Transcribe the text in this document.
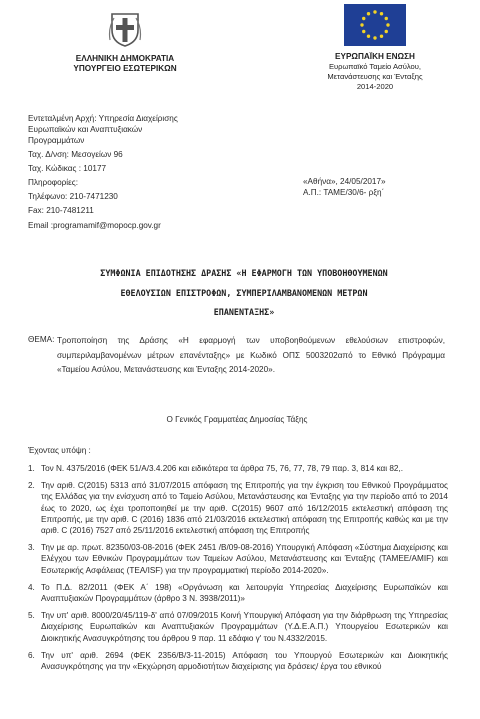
ΕΛΛΗΝΙΚΗ ΔΗΜΟΚΡΑΤΙΑ
ΥΠΟΥΡΓΕΙΟ ΕΣΩΤΕΡΙΚΩΝ
ΕΥΡΩΠΑΪΚΗ ΕΝΩΣΗ
Ευρωπαϊκό Ταμείο Ασύλου,
Μετανάστευσης και Ένταξης
2014-2020
Εντεταλμένη Αρχή: Υπηρεσία Διαχείρισης
Ευρωπαϊκών και Αναπτυξιακών
Προγραμμάτων
Ταχ. Δ/νση: Μεσογείων 96
Ταχ. Κώδικας : 10177
Πληροφορίες:
Τηλέφωνο: 210-7471230
Fax: 210-7481211
Email :programamif@mopocp.gov.gr
«Αθήνα», 24/05/2017»
Α.Π.: ΤΑΜΕ/30/6- ρξη΄
ΣΥΜΦΩΝΙΑ ΕΠΙΔΟΤΗΣΗΣ ΔΡΑΣΗΣ «Η ΕΦΑΡΜΟΓΗ ΤΩΝ ΥΠΟΒΟΗΘΟΥΜΕΝΩΝ
ΕΘΕΛΟΥΣΙΩΝ ΕΠΙΣΤΡΟΦΩΝ, ΣΥΜΠΕΡΙΛΑΜΒΑΝΟΜΕΝΩΝ ΜΕΤΡΩΝ
ΕΠΑΝΕΝΤΑΞΗΣ»
ΘΕΜΑ: Τροποποίηση της Δράσης «Η εφαρμογή των υποβοηθούμενων εθελούσιων επιστροφών, συμπεριλαμβανομένων μέτρων επανένταξης» με Κωδικό ΟΠΣ 5003202από το Εθνικό Πρόγραμμα «Ταμείου Ασύλου, Μετανάστευσης και Ένταξης 2014-2020».
Ο Γενικός Γραμματέας Δημοσίας Τάξης
Έχοντας υπόψη :
1. Τον Ν. 4375/2016 (ΦΕΚ 51/Α/3.4.206 και ειδικότερα τα άρθρα 75, 76, 77, 78, 79 παρ. 3, 814 και 82,.
2. Την αριθ. C(2015) 5313 από 31/07/2015 απόφαση της Επιτροπής για την έγκριση του Εθνικού Προγράμματος της Ελλάδας για την ενίσχυση από το Ταμείο Ασύλου, Μετανάστευσης και Ένταξης για την περίοδο από το 2014 έως το 2020, ως έχει τροποποιηθεί με την αριθ. C(2015) 9607 από 16/12/2015 εκτελεστική απόφαση της Επιτροπής, με την αριθ. C (2016) 1836 από 21/03/2016 εκτελεστική απόφαση της Επιτροπής καθώς και με την αριθ. C (2016) 7527 από 25/11/2016 εκτελεστική απόφαση της Επιτροπής
3. Την με αρ. πρωτ. 82350/03-08-2016 (ΦΕΚ 2451 /Β/09-08-2016) Υπουργική Απόφαση «Σύστημα Διαχείρισης και Ελέγχου των Εθνικών Προγραμμάτων των Ταμείων Ασύλου, Μετανάστευσης και Ένταξης (ΤΑΜΕΕ/AMIF) και Εσωτερικής Ασφάλειας (ΤΕΑ/ISF) για την προγραμματική περίοδο 2014-2020».
4. Το Π.Δ. 82/2011 (ΦΕΚ Α΄ 198) «Οργάνωση και λειτουργία Υπηρεσίας Διαχείρισης Ευρωπαϊκών και Αναπτυξιακών Προγραμμάτων (άρθρο 3 Ν. 3938/2011)»
5. Την υπ' αριθ. 8000/20/45/119-δ' από 07/09/2015 Κοινή Υπουργική Απόφαση για την διάρθρωση της Υπηρεσίας Διαχείρισης Ευρωπαϊκών και Αναπτυξιακών Προγραμμάτων (Υ.Δ.Ε.Α.Π.) Υπουργείου Εσωτερικών και Διοικητικής Ανασυγκρότησης του άρθρου 9 παρ. 11 εδάφιο γ' του Ν.4332/2015.
6. Την υπ' αριθ. 2694 (ΦΕΚ 2356/Β/3-11-2015) Απόφαση του Υπουργού Εσωτερικών και Διοικητικής Ανασυγκρότησης για την «Εκχώρηση αρμοδιοτήτων διαχείρισης για δράσεις/ έργα του εθνικού
